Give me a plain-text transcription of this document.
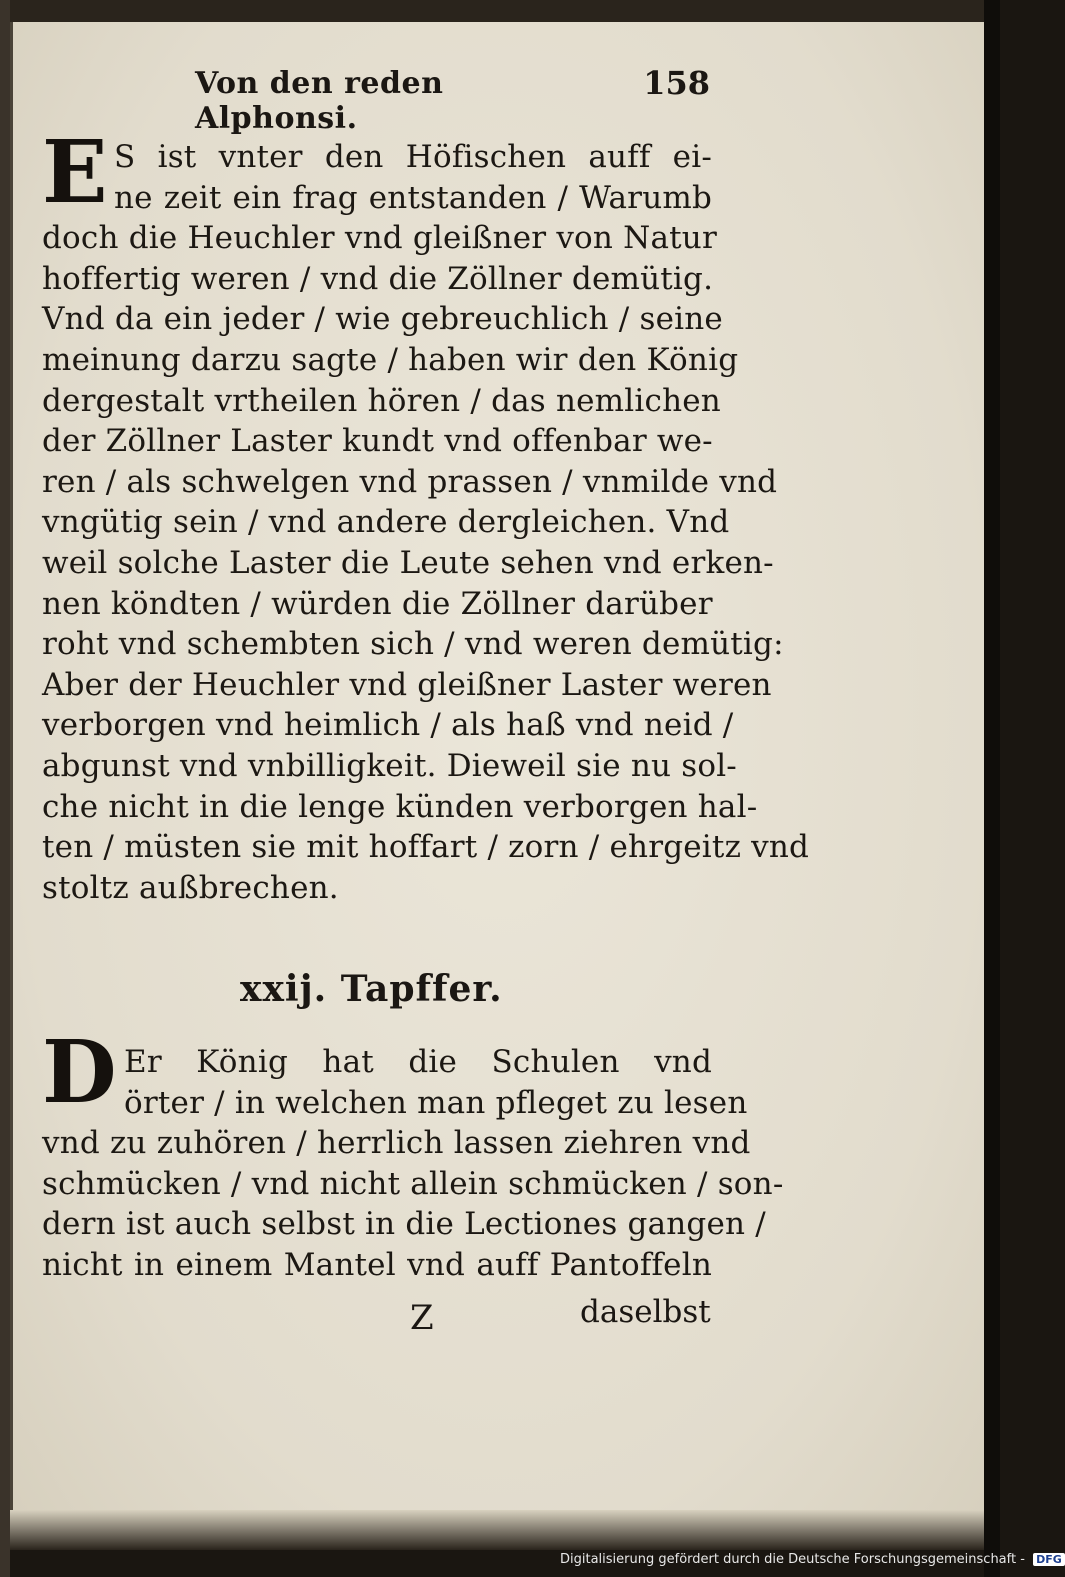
Von den reden Alphonsi.
158
E S ist vnter den Höfischen auff ei-
ne zeit ein frag entstanden / Warumb
doch die Heuchler vnd gleißner von Natur
hoffertig weren / vnd die Zöllner demütig.
Vnd da ein jeder / wie gebreuchlich / seine
meinung darzu sagte / haben wir den König
dergestalt vrtheilen hören / das nemlichen
der Zöllner Laster kundt vnd offenbar we-
ren / als schwelgen vnd prassen / vnmilde vnd
vngütig sein / vnd andere dergleichen. Vnd
weil solche Laster die Leute sehen vnd erken-
nen köndten / würden die Zöllner darüber
roht vnd schembten sich / vnd weren demütig:
Aber der Heuchler vnd gleißner Laster weren
verborgen vnd heimlich / als haß vnd neid /
abgunst vnd vnbilligkeit. Dieweil sie nu sol-
che nicht in die lenge künden verborgen hal-
ten / müsten sie mit hoffart / zorn / ehrgeitz vnd
stoltz außbrechen.
xxij. Tapffer.
D Er König hat die Schulen vnd
örter / in welchen man pfleget zu lesen
vnd zu zuhören / herrlich lassen ziehren vnd
schmücken / vnd nicht allein schmücken / son-
dern ist auch selbst in die Lectiones gangen /
nicht in einem Mantel vnd auff Pantoffeln
Z	daselbst
Digitalisierung gefördert durch die Deutsche Forschungsgemeinschaft - DFG
